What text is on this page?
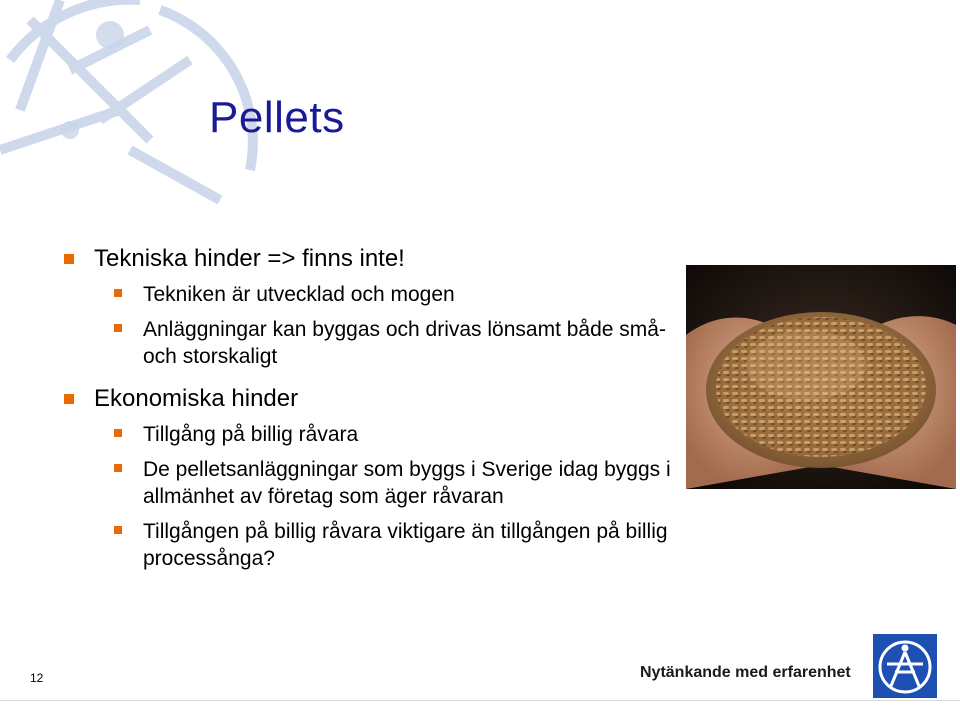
Pellets
Tekniska hinder => finns inte!
Tekniken är utvecklad och mogen
Anläggningar kan byggas och drivas lönsamt både små- och storskaligt
Ekonomiska hinder
Tillgång på billig råvara
De pelletsanläggningar som byggs i Sverige idag byggs i allmänhet av företag som äger råvaran
Tillgången på billig råvara viktigare än tillgången på billig processånga?
12	Nytänkande med erfarenhet
